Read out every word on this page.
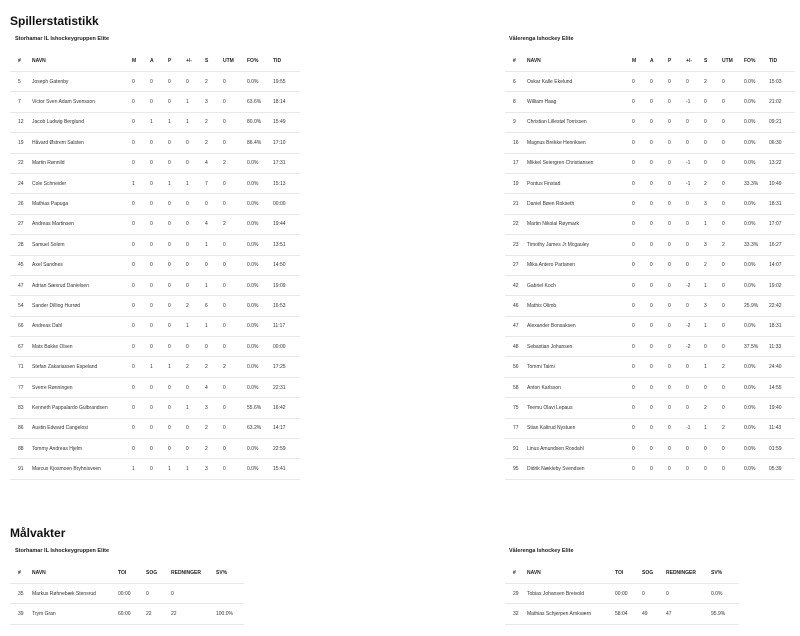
Spillerstatistikk
Storhamar IL Ishockeygruppen Elite	Vålerenga Ishockey Elite
#	NAVN	M	A	P	+/-	S	UTM	FO%	TID
5	Joseph Gatenby	0	0	0	0	2	0	0.0%	19:55
7	Victor Sven Adam Svensson	0	0	0	1	3	0	63.6%	18:14
12	Jacob Ludwig Berglund	0	1	1	1	2	0	80.0%	15:49
19	Håvard Østrem Salsten	0	0	0	0	2	0	86.4%	17:10
22	Martin Rønnild	0	0	0	0	4	2	0.0%	17:31
24	Cole Schneider	1	0	1	1	7	0	0.0%	15:13
26	Mathias Papuga	0	0	0	0	0	0	0.0%	00:00
27	Andreas Martinsen	0	0	0	0	4	2	0.0%	19:44
28	Samuel Solem	0	0	0	0	1	0	0.0%	13:51
45	Axel Sandnes	0	0	0	0	0	0	0.0%	14:50
47	Adrian Sæxrud Danielsen	0	0	0	0	1	0	0.0%	19:09
54	Sander Dilling Hurrød	0	0	0	2	6	0	0.0%	16:53
66	Andreas Dahl	0	0	0	1	1	0	0.0%	11:17
67	Mats Bakke Olsen	0	0	0	0	0	0	0.0%	00:00
71	Stefan Zakariassen Espeland	0	1	1	2	2	2	0.0%	17:25
77	Sverre Rønningen	0	0	0	0	4	0	0.0%	22:31
83	Kenneth Pappalardo Gulbrandsen	0	0	0	1	3	0	55.6%	16:42
86	Austin Edward Cangelosi	0	0	0	0	2	0	63.2%	14:17
88	Tommy Andreas Hjelm	0	0	0	0	2	0	0.0%	22:59
91	Marcus Kjosmoen Bryhnisveen	1	0	1	1	3	0	0.0%	15:41
#	NAVN	M	A	P	+/-	S	UTM	FO%	TID
6	Oskar Kalle Ekelund	0	0	0	0	2	0	0.0%	15:03
8	William Haag	0	0	0	-1	0	0	0.0%	21:02
9	Christian Lillestøl Torrissen	0	0	0	0	0	0	0.0%	09:21
16	Magnus Brekke Henriksen	0	0	0	0	0	0	0.0%	06:30
17	Mikkel Seiergren Christiansen	0	0	0	-1	0	0	0.0%	13:22
19	Pontus Finstad	0	0	0	-1	2	0	33.3%	10:49
21	Daniel Bøen Rokseth	0	0	0	0	3	0	0.0%	18:31
22	Martin Nikolai Røymark	0	0	0	0	1	0	0.0%	17:07
23	Timothy James Jr Mcgauley	0	0	0	0	3	2	33.3%	16:27
27	Mika Antero Partanen	0	0	0	0	2	0	0.0%	14:07
42	Gabriel Koch	0	0	0	-2	1	0	0.0%	19:02
46	Mathis Olimb	0	0	0	0	3	0	25.9%	22:42
47	Alexander Bonsaksen	0	0	0	-2	1	0	0.0%	18:31
48	Sebastian Johansen	0	0	0	-2	0	0	37.5%	11:33
56	Tommi Taimi	0	0	0	0	1	2	0.0%	24:40
58	Anton Karlsson	0	0	0	0	0	0	0.0%	14:55
75	Teemu Olavi Lepaus	0	0	0	0	2	0	0.0%	19:40
77	Stian Kaltrud Nystuen	0	0	0	-1	1	2	0.0%	11:43
91	Linus Amundsen Rosdahl	0	0	0	0	0	0	0.0%	01:59
95	Didrik Nækleby Svendsen	0	0	0	0	0	0	0.0%	05:39
Målvakter
Storhamar IL Ishockeygruppen Elite	Vålerenga Ishockey Elite
#	NAVN	TOI	SOG	REDNINGER	SV%
35	Markus Røhnebæk Stensrud	00:00	0	0	
39	Trym Gran	60:00	22	22	100.0%
#	NAVN	TOI	SOG	REDNINGER	SV%
29	Tobias Johansen Breivold	00:00	0	0	0.0%
32	Mathias Schjerpen Arnkværn	58:04	49	47	95.9%
